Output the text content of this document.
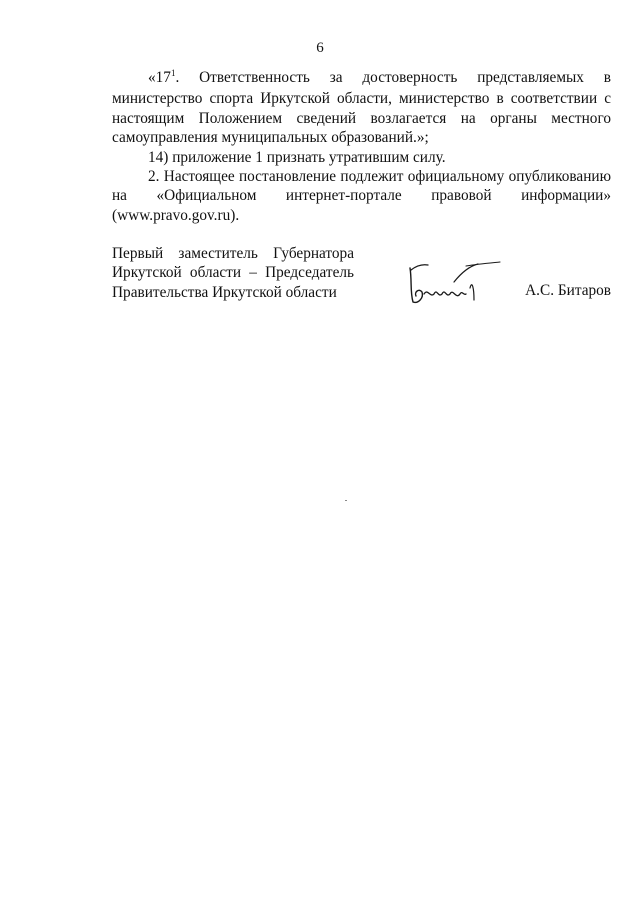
6

«17$^1$. Ответственность за достоверность представляемых в министерство спорта Иркутской области, министерство в соответствии с настоящим Положением сведений возлагается на органы местного самоуправления муниципальных образований.»;

14) приложение 1 признать утратившим силу.

2. Настоящее постановление подлежит официальному опубликованию на «Официальном интернет-портале правовой информации» (www.pravo.gov.ru).

Первый заместитель Губернатора
Иркутской области – Председатель
Правительства Иркутской области	А.С. Битаров
